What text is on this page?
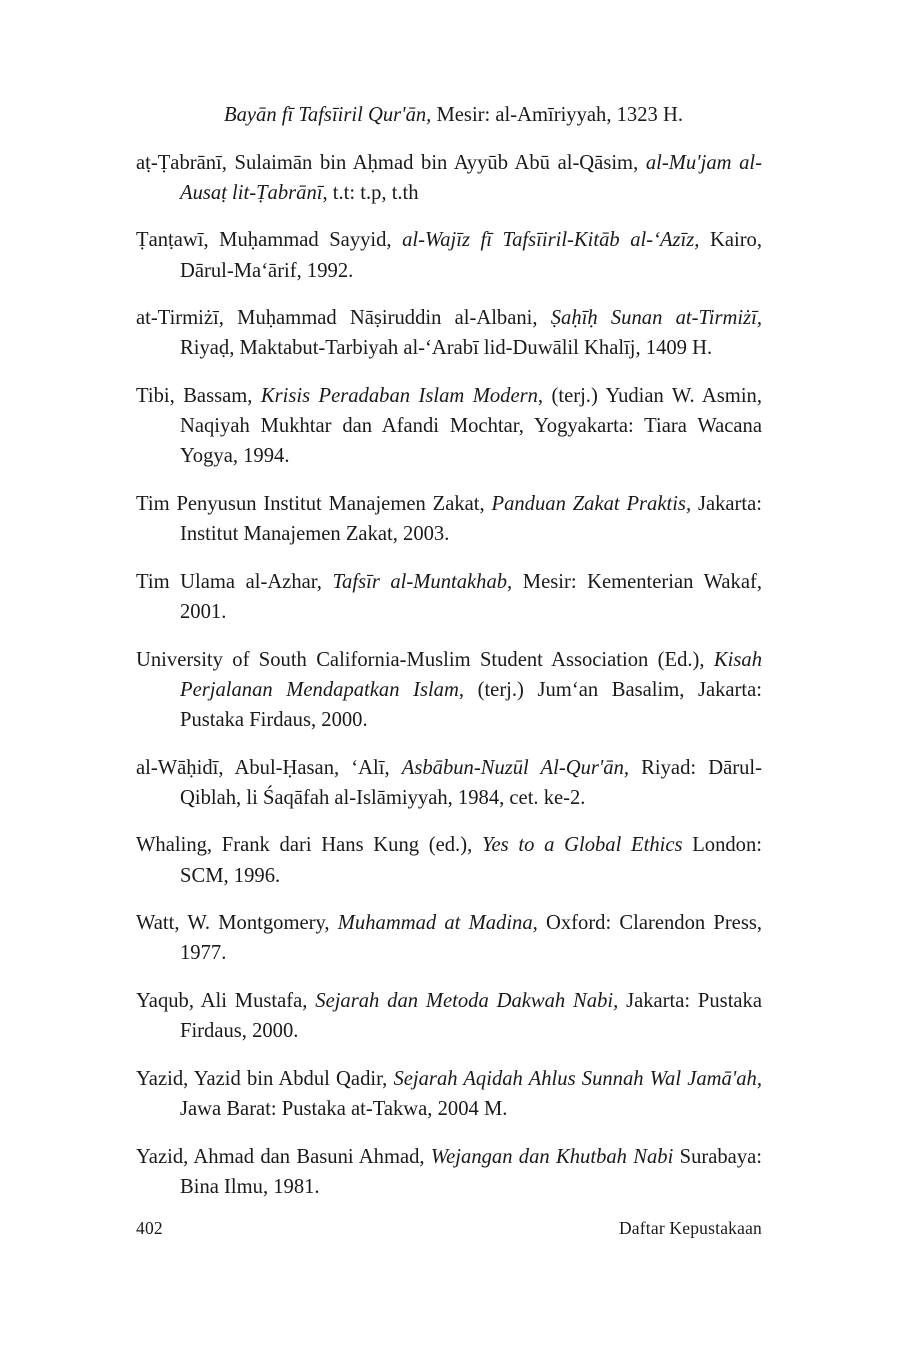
Bayān fī Tafsīiril Qur'ān, Mesir: al-Amīriyyah, 1323 H.

aṭ-Ṭabrānī, Sulaimān bin Aḥmad bin Ayyūb Abū al-Qāsim, al-Mu'jam al-Ausaṭ lit-Ṭabrānī, t.t: t.p, t.th

Ṭanṭawī, Muḥammad Sayyid, al-Wajīz fī Tafsīiril-Kitāb al-‘Azīz, Kairo, Dārul-Ma‘ārif, 1992.

at-Tirmiżī, Muḥammad Nāṣiruddin al-Albani, Ṣaḥīḥ Sunan at-Tirmiżī, Riyaḍ, Maktabut-Tarbiyah al-‘Arabī lid-Duwālil Khalīj, 1409 H.

Tibi, Bassam, Krisis Peradaban Islam Modern, (terj.) Yudian W. Asmin, Naqiyah Mukhtar dan Afandi Mochtar, Yogyakarta: Tiara Wacana Yogya, 1994.

Tim Penyusun Institut Manajemen Zakat, Panduan Zakat Praktis, Jakarta: Institut Manajemen Zakat, 2003.

Tim Ulama al-Azhar, Tafsīr al-Muntakhab, Mesir: Kementerian Wakaf, 2001.

University of South California-Muslim Student Association (Ed.), Kisah Perjalanan Mendapatkan Islam, (terj.) Jum‘an Basalim, Jakarta: Pustaka Firdaus, 2000.

al-Wāḥidī, Abul-Ḥasan, ‘Alī, Asbābun-Nuzūl Al-Qur'ān, Riyad: Dārul-Qiblah, li Śaqāfah al-Islāmiyyah, 1984, cet. ke-2.

Whaling, Frank dari Hans Kung (ed.), Yes to a Global Ethics London: SCM, 1996.

Watt, W. Montgomery, Muhammad at Madina, Oxford: Clarendon Press, 1977.

Yaqub, Ali Mustafa, Sejarah dan Metoda Dakwah Nabi, Jakarta: Pustaka Firdaus, 2000.

Yazid, Yazid bin Abdul Qadir, Sejarah Aqidah Ahlus Sunnah Wal Jamā'ah, Jawa Barat: Pustaka at-Takwa, 2004 M.

Yazid, Ahmad dan Basuni Ahmad, Wejangan dan Khutbah Nabi Surabaya: Bina Ilmu, 1981.

402	Daftar Kepustakaan
